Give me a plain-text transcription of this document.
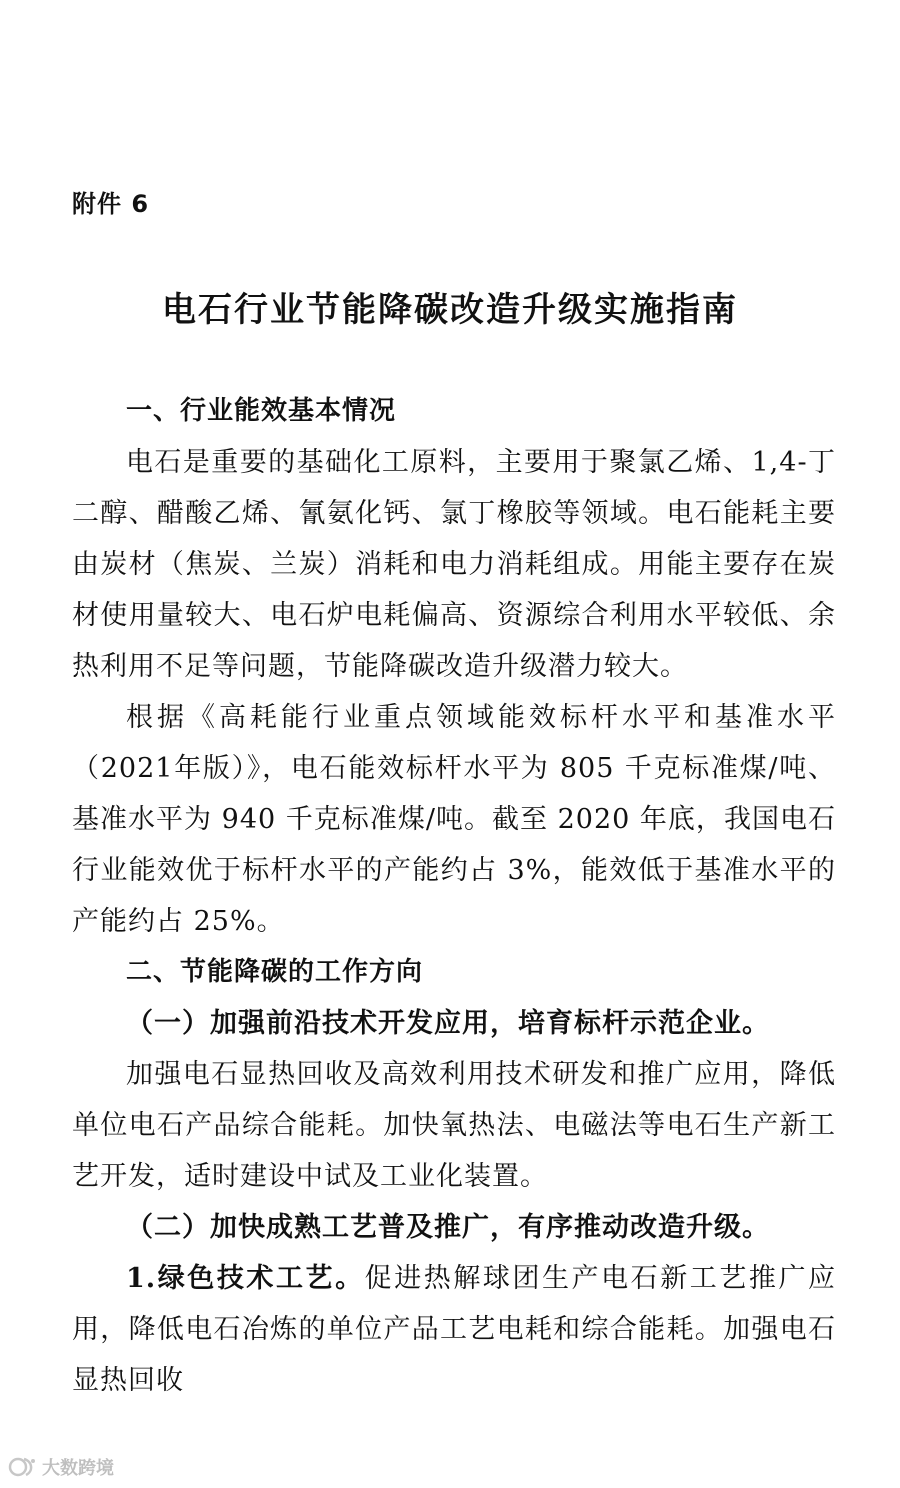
附件 6
电石行业节能降碳改造升级实施指南

一、行业能效基本情况

电石是重要的基础化工原料，主要用于聚氯乙烯、1,4-丁二醇、醋酸乙烯、氰氨化钙、氯丁橡胶等领域。电石能耗主要由炭材（焦炭、兰炭）消耗和电力消耗组成。用能主要存在炭材使用量较大、电石炉电耗偏高、资源综合利用水平较低、余热利用不足等问题，节能降碳改造升级潜力较大。

根据《高耗能行业重点领域能效标杆水平和基准水平（2021年版）》，电石能效标杆水平为 805 千克标准煤/吨、基准水平为 940 千克标准煤/吨。截至 2020 年底，我国电石行业能效优于标杆水平的产能约占 3%，能效低于基准水平的产能约占 25%。

二、节能降碳的工作方向

（一）加强前沿技术开发应用，培育标杆示范企业。

加强电石显热回收及高效利用技术研发和推广应用，降低单位电石产品综合能耗。加快氧热法、电磁法等电石生产新工艺开发，适时建设中试及工业化装置。

（二）加快成熟工艺普及推广，有序推动改造升级。

1.绿色技术工艺。促进热解球团生产电石新工艺推广应用，降低电石冶炼的单位产品工艺电耗和综合能耗。加强电石显热回收

大数跨境
